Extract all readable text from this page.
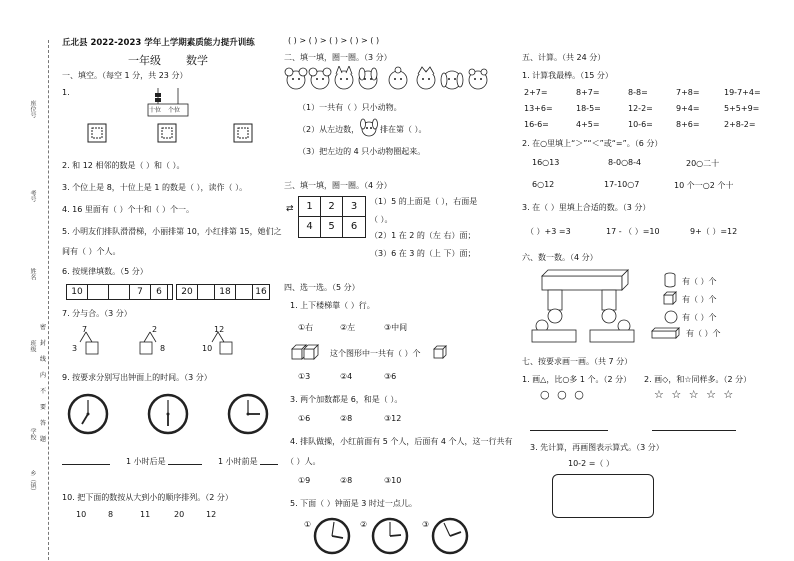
座位号
考号
姓名
班级
学校
乡（镇）
密封线内不要答题
丘北县 2022-2023 学年上学期素质能力提升训练	( ) > ( ) > ( ) > ( ) > ( )
一年级 数学
一、填空。（每空 1 分，共 23 分）
1.
十位 个位
2. 和 12 相邻的数是（ ）和（ ）。
3. 个位上是 8，十位上是 1 的数是（ ），读作（ ）。
4. 16 里面有（ ）个十和（ ）个一。
5. 小明友们排队滑滑梯，小丽排第 10，小红排第 15，她们之
间有（ ）个人。
6. 按规律填数。（5 分）
10	7	6	20	18	16
7. 分与合。（3 分）
7
3
2
8
12
10
9. 按要求分别写出钟面上的时间。（3 分）
1 小时后是	1 小时前是
10. 把下面的数按从大到小的顺序排列。（2 分）
10	8	11	20	12
二、填一填，圈一圈。（3 分）
（1）一共有（ ）只小动物。
（2）从左边数，	排在第（ ）。
（3）把左边的 4 只小动物圈起来。
三、填一填，圈一圈。（4 分）
⇄	1	2	3
4	5	6
（1）5 的上面是（ ），右面是
（ ）。
（2）1 在 2 的（左 右）面；
（3）6 在 3 的（上 下）面；
四、选一选。（5 分）
1. 上下楼梯靠（ ）行。
①右	②左	③中间
这个图形中一共有（ ）个
①3	②4	③6
3. 两个加数都是 6，和是（ ）。
①6	②8	③12
4. 排队做操，小红前面有 5 个人，后面有 4 个人，这一行共有
（ ）人。
①9	②8	③10
5. 下面（ ）钟面是 3 时过一点儿。
①	②	③
五、计算。（共 24 分）
1. 计算我最棒。（15 分）
2+7=	8+7=	8-8=	7+8=	19-7+4=
13+6=	18-5=	12-2=	9+4=	5+5+9=
16-6=	4+5=	10-6=	8+6=	2+8-2=
2. 在○里填上“＞”“＜”或“=”。（6 分）
16○13	8-0○8-4	20○二十
6○12	17-10○7	10 个一○2 个十
3. 在（ ）里填上合适的数。（3 分）
（ ）+3 =3	17 - （ ）=10	9+（ ）=12
六、数一数。（4 分）
有（ ）个
有（ ）个
有（ ）个
有（ ）个
七、按要求画一画。（共 7 分）
1. 画△，比○多 1 个。（2 分） 2. 画◇，和☆同样多。（2 分）
○ ○ ○	☆ ☆ ☆ ☆ ☆
3. 先计算，再画图表示算式。（3 分）
10-2 =（ ）
